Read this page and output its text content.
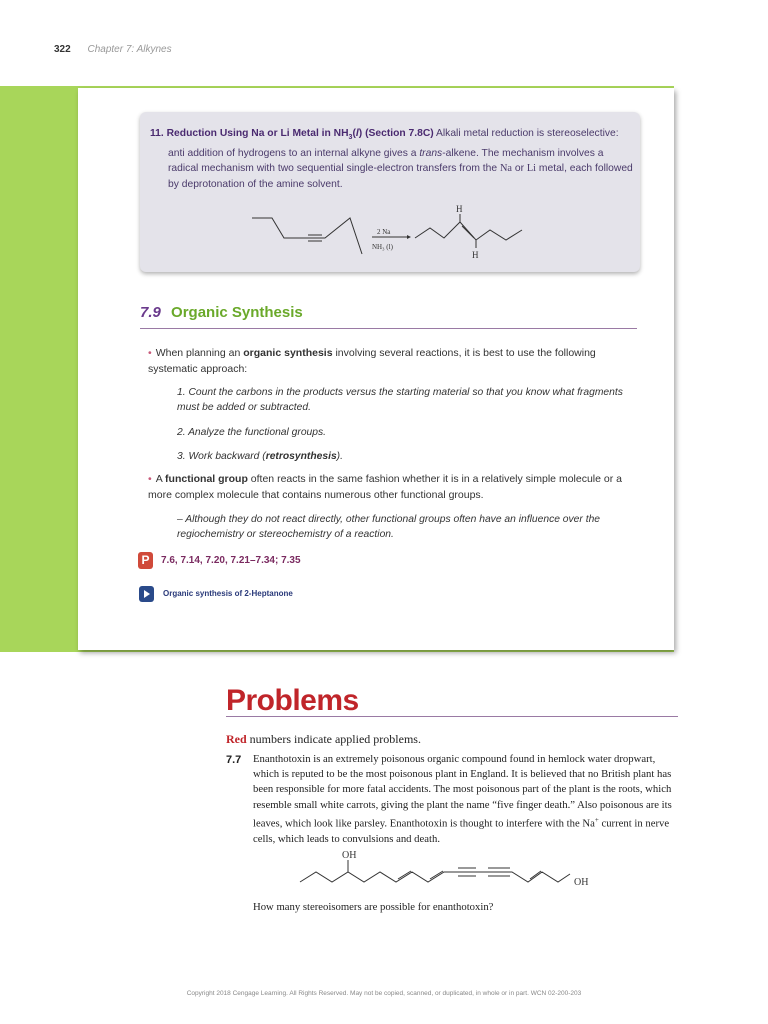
322 Chapter 7: Alkynes
11. Reduction Using Na or Li Metal in $NH_3(l)$ (Section 7.8C) Alkali metal reduction is stereoselective:
anti addition of hydrogens to an internal alkyne gives a trans-alkene. The mechanism involves a radical mechanism with two sequential single-electron transfers from the Na or Li metal, each followed by deprotonation of the amine solvent.
2 Na
NH₃ (l)
H
H
7.9 Organic Synthesis
• When planning an organic synthesis involving several reactions, it is best to use the following systematic approach:
1. Count the carbons in the products versus the starting material so that you know what fragments must be added or subtracted.
2. Analyze the functional groups.
3. Work backward (retrosynthesis).
• A functional group often reacts in the same fashion whether it is in a relatively simple molecule or a more complex molecule that contains numerous other functional groups.
– Although they do not react directly, other functional groups often have an influence over the regiochemistry or stereochemistry of a reaction.
P	7.6, 7.14, 7.20, 7.21–7.34; 7.35
Organic synthesis of 2-Heptanone
Problems
Red numbers indicate applied problems.
7.7 Enanthotoxin is an extremely poisonous organic compound found in hemlock water dropwart, which is reputed to be the most poisonous plant in England. It is believed that no British plant has been responsible for more fatal accidents. The most poisonous part of the plant is the roots, which resemble small white carrots, giving the plant the name “five finger death.” Also poisonous are its leaves, which look like parsley. Enanthotoxin is thought to interfere with the Na+ current in nerve cells, which leads to convulsions and death.
OH
OH
How many stereoisomers are possible for enanthotoxin?
Copyright 2018 Cengage Learning. All Rights Reserved. May not be copied, scanned, or duplicated, in whole or in part. WCN 02-200-203
